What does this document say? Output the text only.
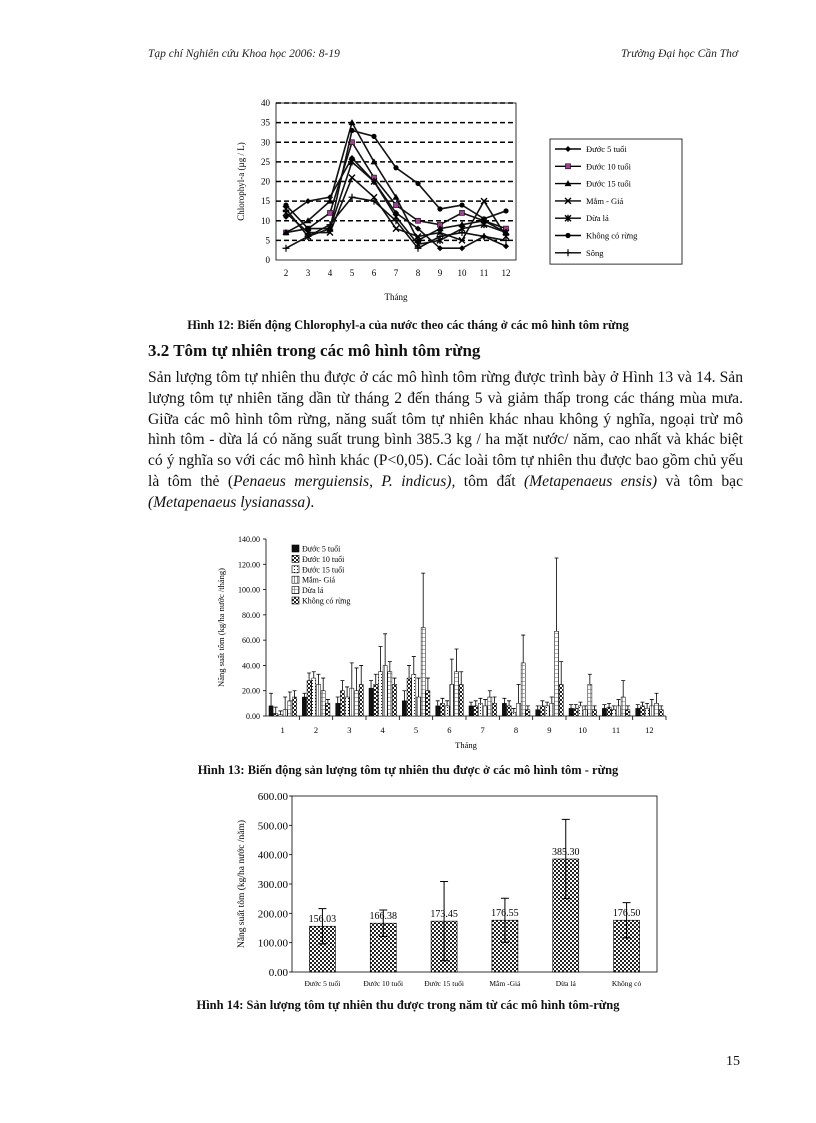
Tạp chí Nghiên cứu Khoa học 2006: 8-19	Trường Đại học Cần Thơ
0
5
10
15
20
25
30
35
40
2 3 4 5 6 7 8 9 10 11 12
Tháng
Chlorophyl-a (µg / L)	Đước 5 tuổi
Đước 10 tuổi
Đước 15 tuổi
Mắm - Giá
Dừa lá
Không có rừng
Sông
Hình 12: Biến động Chlorophyl-a của nước theo các tháng ở các mô hình tôm rừng
3.2 Tôm tự nhiên trong các mô hình tôm rừng
Sản lượng tôm tự nhiên thu được ở các mô hình tôm rừng được trình bày ở Hình 13 và 14. Sản lượng tôm tự nhiên tăng dần từ tháng 2 đến tháng 5 và giảm thấp trong các tháng mùa mưa. Giữa các mô hình tôm rừng, năng suất tôm tự nhiên khác nhau không ý nghĩa, ngoại trừ mô hình tôm - dừa lá có năng suất trung bình 385.3 kg / ha mặt nước/ năm, cao nhất và khác biệt có ý nghĩa so với các mô hình khác (P<0,05). Các loài tôm tự nhiên thu được bao gồm chủ yếu là tôm thẻ (Penaeus merguiensis, P. indicus), tôm đất (Metapenaeus ensis) và tôm bạc (Metapenaeus lysianassa).
0.00
20.00
40.00
60.00
80.00
100.00
120.00
140.00
1	2	3	4	5	6	7	8	9	10	11	12
Tháng
Năng suất tôm (kg/ha nước /tháng)
Đước 5 tuổi
Đước 10 tuổi
Đước 15 tuổi
Mắm- Giá
Dừa lá
Không có rừng
Hình 13: Biến động sản lượng tôm tự nhiên thu được ở các mô hình tôm - rừng
0.00
100.00
200.00
300.00
400.00
500.00
600.00
156.03
Đước 5 tuổi
166.38
Đước 10 tuổi
173.45
Đước 15 tuổi
176.55
Mắm -Giá
385.30
Dừa lá
176.50
Không có
Năng suất tôm (kg/ha nước /năm)
Hình 14: Sản lượng tôm tự nhiên thu được trong năm từ các mô hình tôm-rừng
15
